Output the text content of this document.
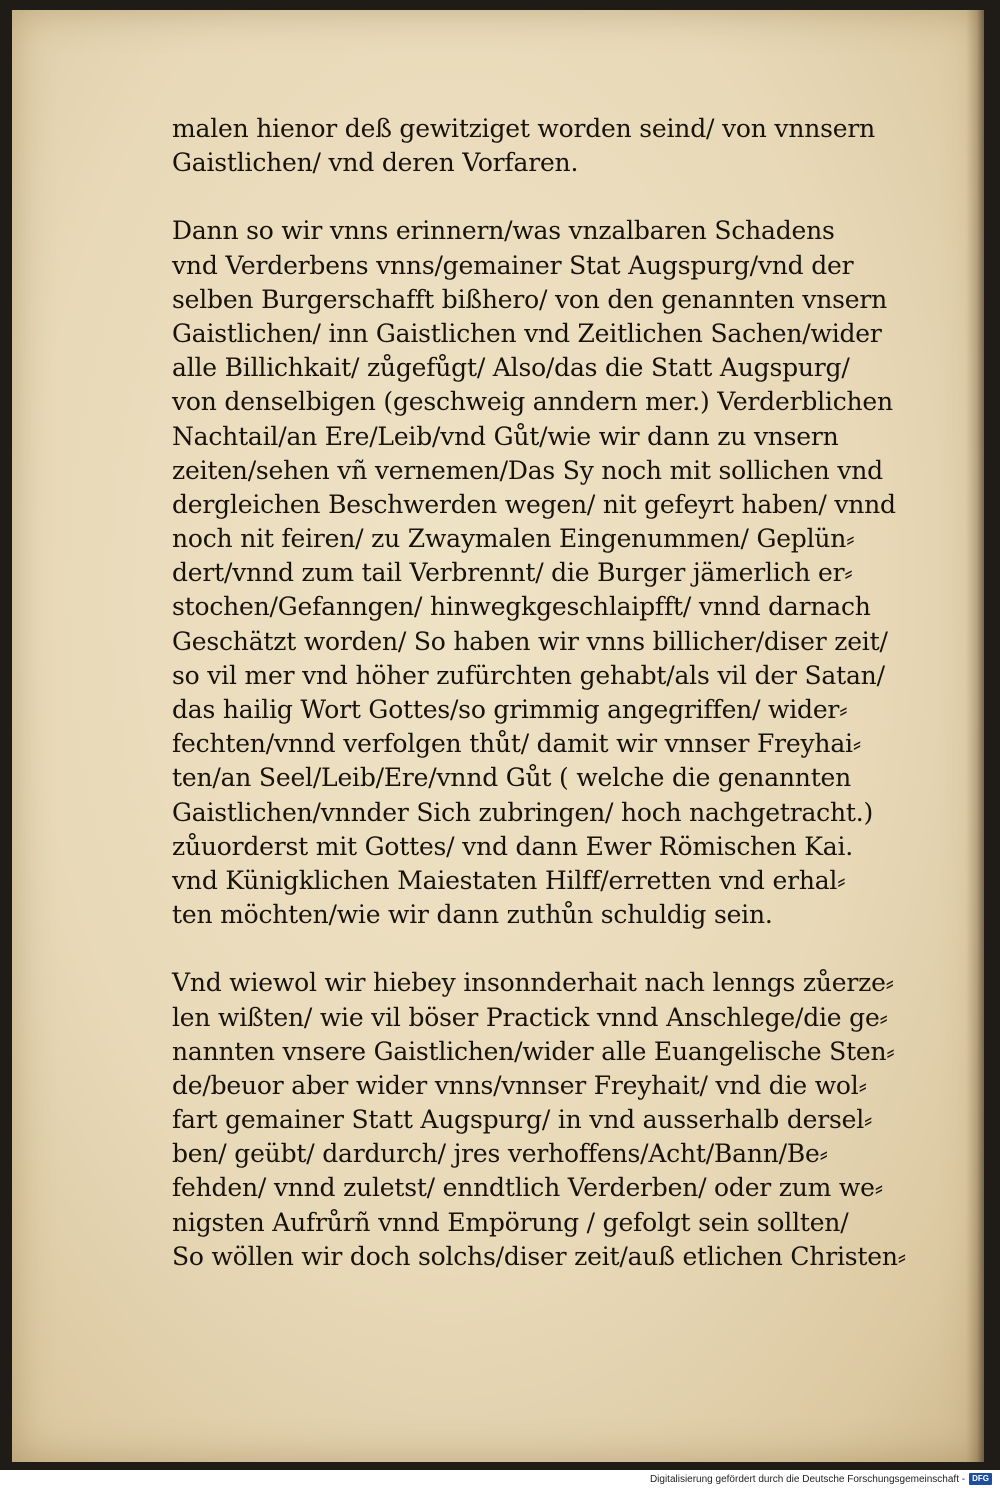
malen hienor deß gewitziget worden seind/ von vnnsern
Gaistlichen/ vnd deren Vorfaren.

Dann so wir vnns erinnern/was vnzalbaren Schadens
vnd Verderbens vnns/gemainer Stat Augspurg/vnd der
selben Burgerschafft bißhero/ von den genannten vnsern
Gaistlichen/ inn Gaistlichen vnd Zeitlichen Sachen/wider
alle Billichkait/ zůgefůgt/ Also/das die Statt Augspurg/
von denselbigen (geschweig anndern mer.) Verderblichen
Nachtail/an Ere/Leib/vnd Gůt/wie wir dann zu vnsern
zeiten/sehen vñ vernemen/Das Sy noch mit sollichen vnd
dergleichen Beschwerden wegen/ nit gefeyrt haben/ vnnd
noch nit feiren/ zu Zwaymalen Eingenummen/ Geplün⸗
dert/vnnd zum tail Verbrennt/ die Burger jämerlich er⸗
stochen/Gefanngen/ hinwegkgeschlaipfft/ vnnd darnach
Geschätzt worden/ So haben wir vnns billicher/diser zeit/
so vil mer vnd höher zufürchten gehabt/als vil der Satan/
das hailig Wort Gottes/so grimmig angegriffen/ wider⸗
fechten/vnnd verfolgen thůt/ damit wir vnnser Freyhai⸗
ten/an Seel/Leib/Ere/vnnd Gůt ( welche die genannten
Gaistlichen/vnnder Sich zubringen/ hoch nachgetracht.)
zůuorderst mit Gottes/ vnd dann Ewer Römischen Kai.
vnd Künigklichen Maiestaten Hilff/erretten vnd erhal⸗
ten möchten/wie wir dann zuthůn schuldig sein.

Vnd wiewol wir hiebey insonnderhait nach lenngs zůerze⸗
len wißten/ wie vil böser Practick vnnd Anschlege/die ge⸗
nannten vnsere Gaistlichen/wider alle Euangelische Sten⸗
de/beuor aber wider vnns/vnnser Freyhait/ vnd die wol⸗
fart gemainer Statt Augspurg/ in vnd ausserhalb dersel⸗
ben/ geübt/ dardurch/ jres verhoffens/Acht/Bann/Be⸗
fehden/ vnnd zuletst/ enndtlich Verderben/ oder zum we⸗
nigsten Aufrůrñ vnnd Empörung / gefolgt sein sollten/
So wöllen wir doch solchs/diser zeit/auß etlichen Christen⸗

Digitalisierung gefördert durch die Deutsche Forschungsgemeinschaft - DFG
